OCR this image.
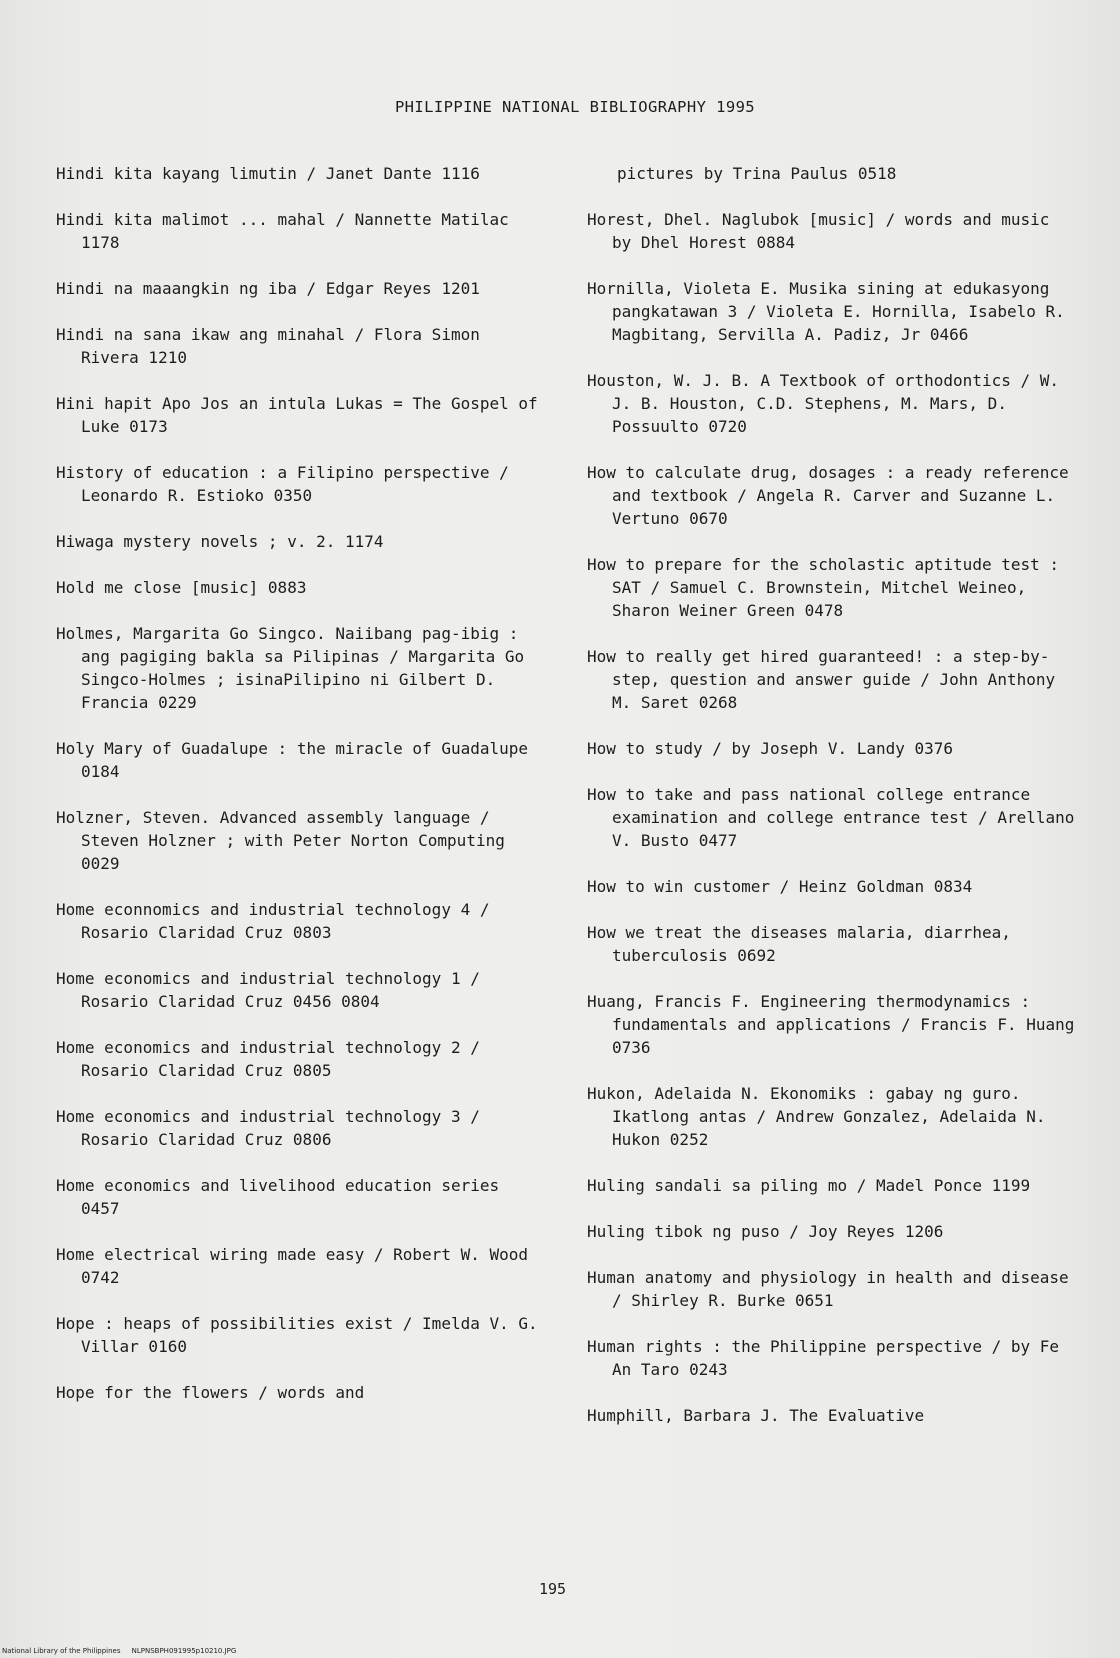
PHILIPPINE NATIONAL BIBLIOGRAPHY 1995
Hindi kita kayang limutin / Janet Dante 1116
Hindi kita malimot ... mahal / Nannette Matilac 1178
Hindi na maaangkin ng iba / Edgar Reyes 1201
Hindi na sana ikaw ang minahal / Flora Simon Rivera 1210
Hini hapit Apo Jos an intula Lukas = The Gospel of Luke 0173
History of education : a Filipino perspective / Leonardo R. Estioko 0350
Hiwaga mystery novels ; v. 2. 1174
Hold me close [music] 0883
Holmes, Margarita Go Singco. Naiibang pag-ibig : ang pagiging bakla sa Pilipinas / Margarita Go Singco-Holmes ; isinaPilipino ni Gilbert D. Francia 0229
Holy Mary of Guadalupe : the miracle of Guadalupe 0184
Holzner, Steven. Advanced assembly language / Steven Holzner ; with Peter Norton Computing 0029
Home econnomics and industrial technology 4 / Rosario Claridad Cruz 0803
Home economics and industrial technology 1 / Rosario Claridad Cruz 0456 0804
Home economics and industrial technology 2 / Rosario Claridad Cruz 0805
Home economics and industrial technology 3 / Rosario Claridad Cruz 0806
Home economics and livelihood education series 0457
Home electrical wiring made easy / Robert W. Wood 0742
Hope : heaps of possibilities exist / Imelda V. G. Villar 0160
Hope for the flowers / words and
pictures by Trina Paulus 0518
Horest, Dhel. Naglubok [music] / words and music by Dhel Horest 0884
Hornilla, Violeta E. Musika sining at edukasyong pangkatawan 3 / Violeta E. Hornilla, Isabelo R. Magbitang, Servilla A. Padiz, Jr 0466
Houston, W. J. B. A Textbook of orthodontics / W. J. B. Houston, C.D. Stephens, M. Mars, D. Possuulto 0720
How to calculate drug, dosages : a ready reference and textbook / Angela R. Carver and Suzanne L. Vertuno 0670
How to prepare for the scholastic aptitude test : SAT / Samuel C. Brownstein, Mitchel Weineo, Sharon Weiner Green 0478
How to really get hired guaranteed! : a step-by-step, question and answer guide / John Anthony M. Saret 0268
How to study / by Joseph V. Landy 0376
How to take and pass national college entrance examination and college entrance test / Arellano V. Busto 0477
How to win customer / Heinz Goldman 0834
How we treat the diseases malaria, diarrhea, tuberculosis 0692
Huang, Francis F. Engineering thermodynamics : fundamentals and applications / Francis F. Huang 0736
Hukon, Adelaida N. Ekonomiks : gabay ng guro. Ikatlong antas / Andrew Gonzalez, Adelaida N. Hukon 0252
Huling sandali sa piling mo / Madel Ponce 1199
Huling tibok ng puso / Joy Reyes 1206
Human anatomy and physiology in health and disease / Shirley R. Burke 0651
Human rights : the Philippine perspective / by Fe An Taro 0243
Humphill, Barbara J. The Evaluative
195
National Library of the Philippines     NLPNSBPH091995p10210.JPG
